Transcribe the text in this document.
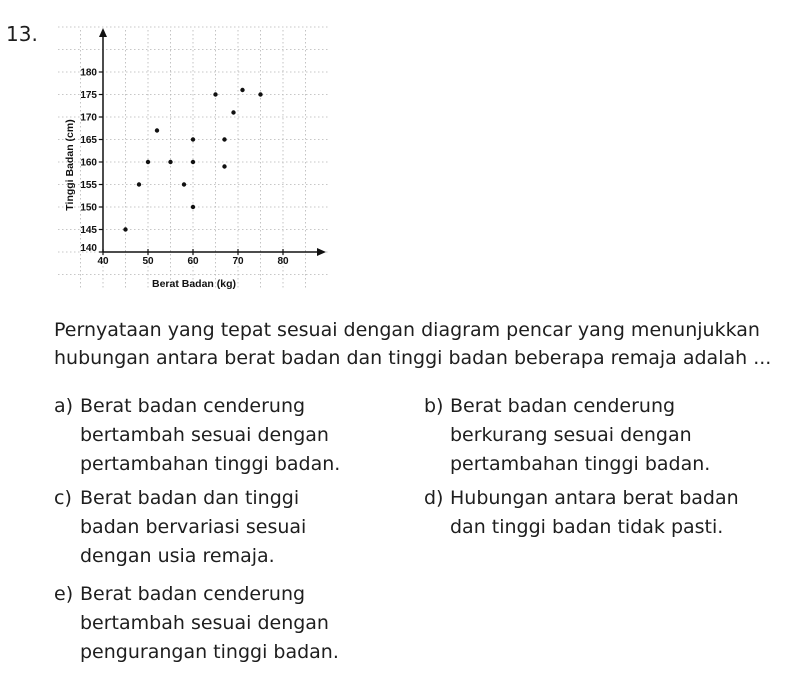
13.

40	50	60	70	80
140
145
150
155
160
165
170
175
180
Berat Badan (kg)
Tinggi Badan (cm)

Pernyataan yang tepat sesuai dengan diagram pencar yang menunjukkan hubungan antara berat badan dan tinggi badan beberapa remaja adalah ...

a) Berat badan cenderung bertambah sesuai dengan pertambahan tinggi badan.
b) Berat badan cenderung berkurang sesuai dengan pertambahan tinggi badan.
c) Berat badan dan tinggi badan bervariasi sesuai dengan usia remaja.
d) Hubungan antara berat badan dan tinggi badan tidak pasti.
e) Berat badan cenderung bertambah sesuai dengan pengurangan tinggi badan.
